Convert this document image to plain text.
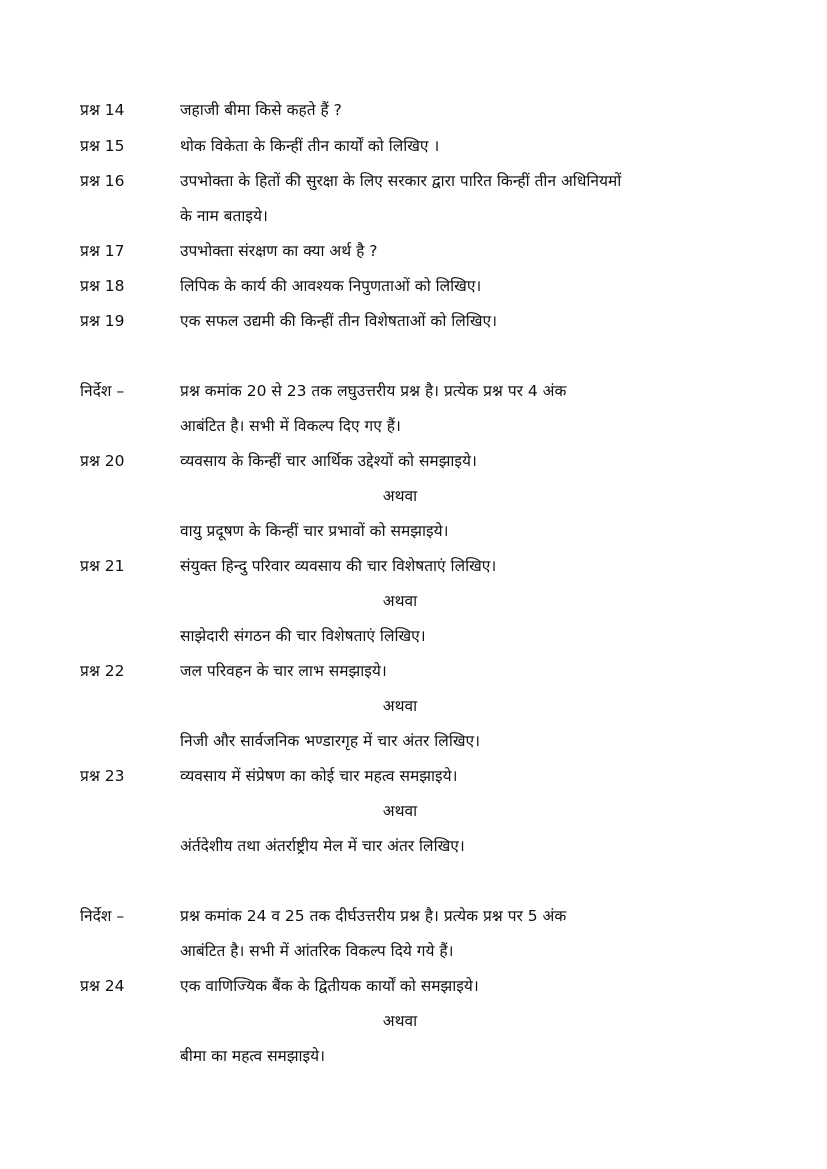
प्रश्न 14	जहाजी बीमा किसे कहते हैं ?
प्रश्न 15	थोक विकेता के किन्हीं तीन कार्यों को लिखिए ।
प्रश्न 16	उपभोक्ता के हितों की सुरक्षा के लिए सरकार द्वारा पारित किन्हीं तीन अधिनियमों
के नाम बताइये।
प्रश्न 17	उपभोक्ता संरक्षण का क्या अर्थ है ?
प्रश्न 18	लिपिक के कार्य की आवश्यक निपुणताओं को लिखिए।
प्रश्न 19	एक सफल उद्यमी की किन्हीं तीन विशेषताओं को लिखिए।
निर्देश –	प्रश्न कमांक 20 से 23 तक लघुउत्तरीय प्रश्न है। प्रत्येक प्रश्न पर 4 अंक
आबंटित है। सभी में विकल्प दिए गए हैं।
प्रश्न 20	व्यवसाय के किन्हीं चार आर्थिक उद्देश्यों को समझाइये।
अथवा
वायु प्रदूषण के किन्हीं चार प्रभावों को समझाइये।
प्रश्न 21	संयुक्त हिन्दु परिवार व्यवसाय की चार विशेषताएं लिखिए।
अथवा
साझेदारी संगठन की चार विशेषताएं लिखिए।
प्रश्न 22	जल परिवहन के चार लाभ समझाइये।
अथवा
निजी और सार्वजनिक भण्डारगृह में चार अंतर लिखिए।
प्रश्न 23	व्यवसाय में संप्रेषण का कोई चार महत्व समझाइये।
अथवा
अंर्तदेशीय तथा अंतर्राष्ट्रीय मेल में चार अंतर लिखिए।
निर्देश –	प्रश्न कमांक 24 व 25 तक दीर्घउत्तरीय प्रश्न है। प्रत्येक प्रश्न पर 5 अंक
आबंटित है। सभी में आंतरिक विकल्प दिये गये हैं।
प्रश्न 24	एक वाणिज्यिक बैंक के द्वितीयक कार्यों को समझाइये।
अथवा
बीमा का महत्व समझाइये।
